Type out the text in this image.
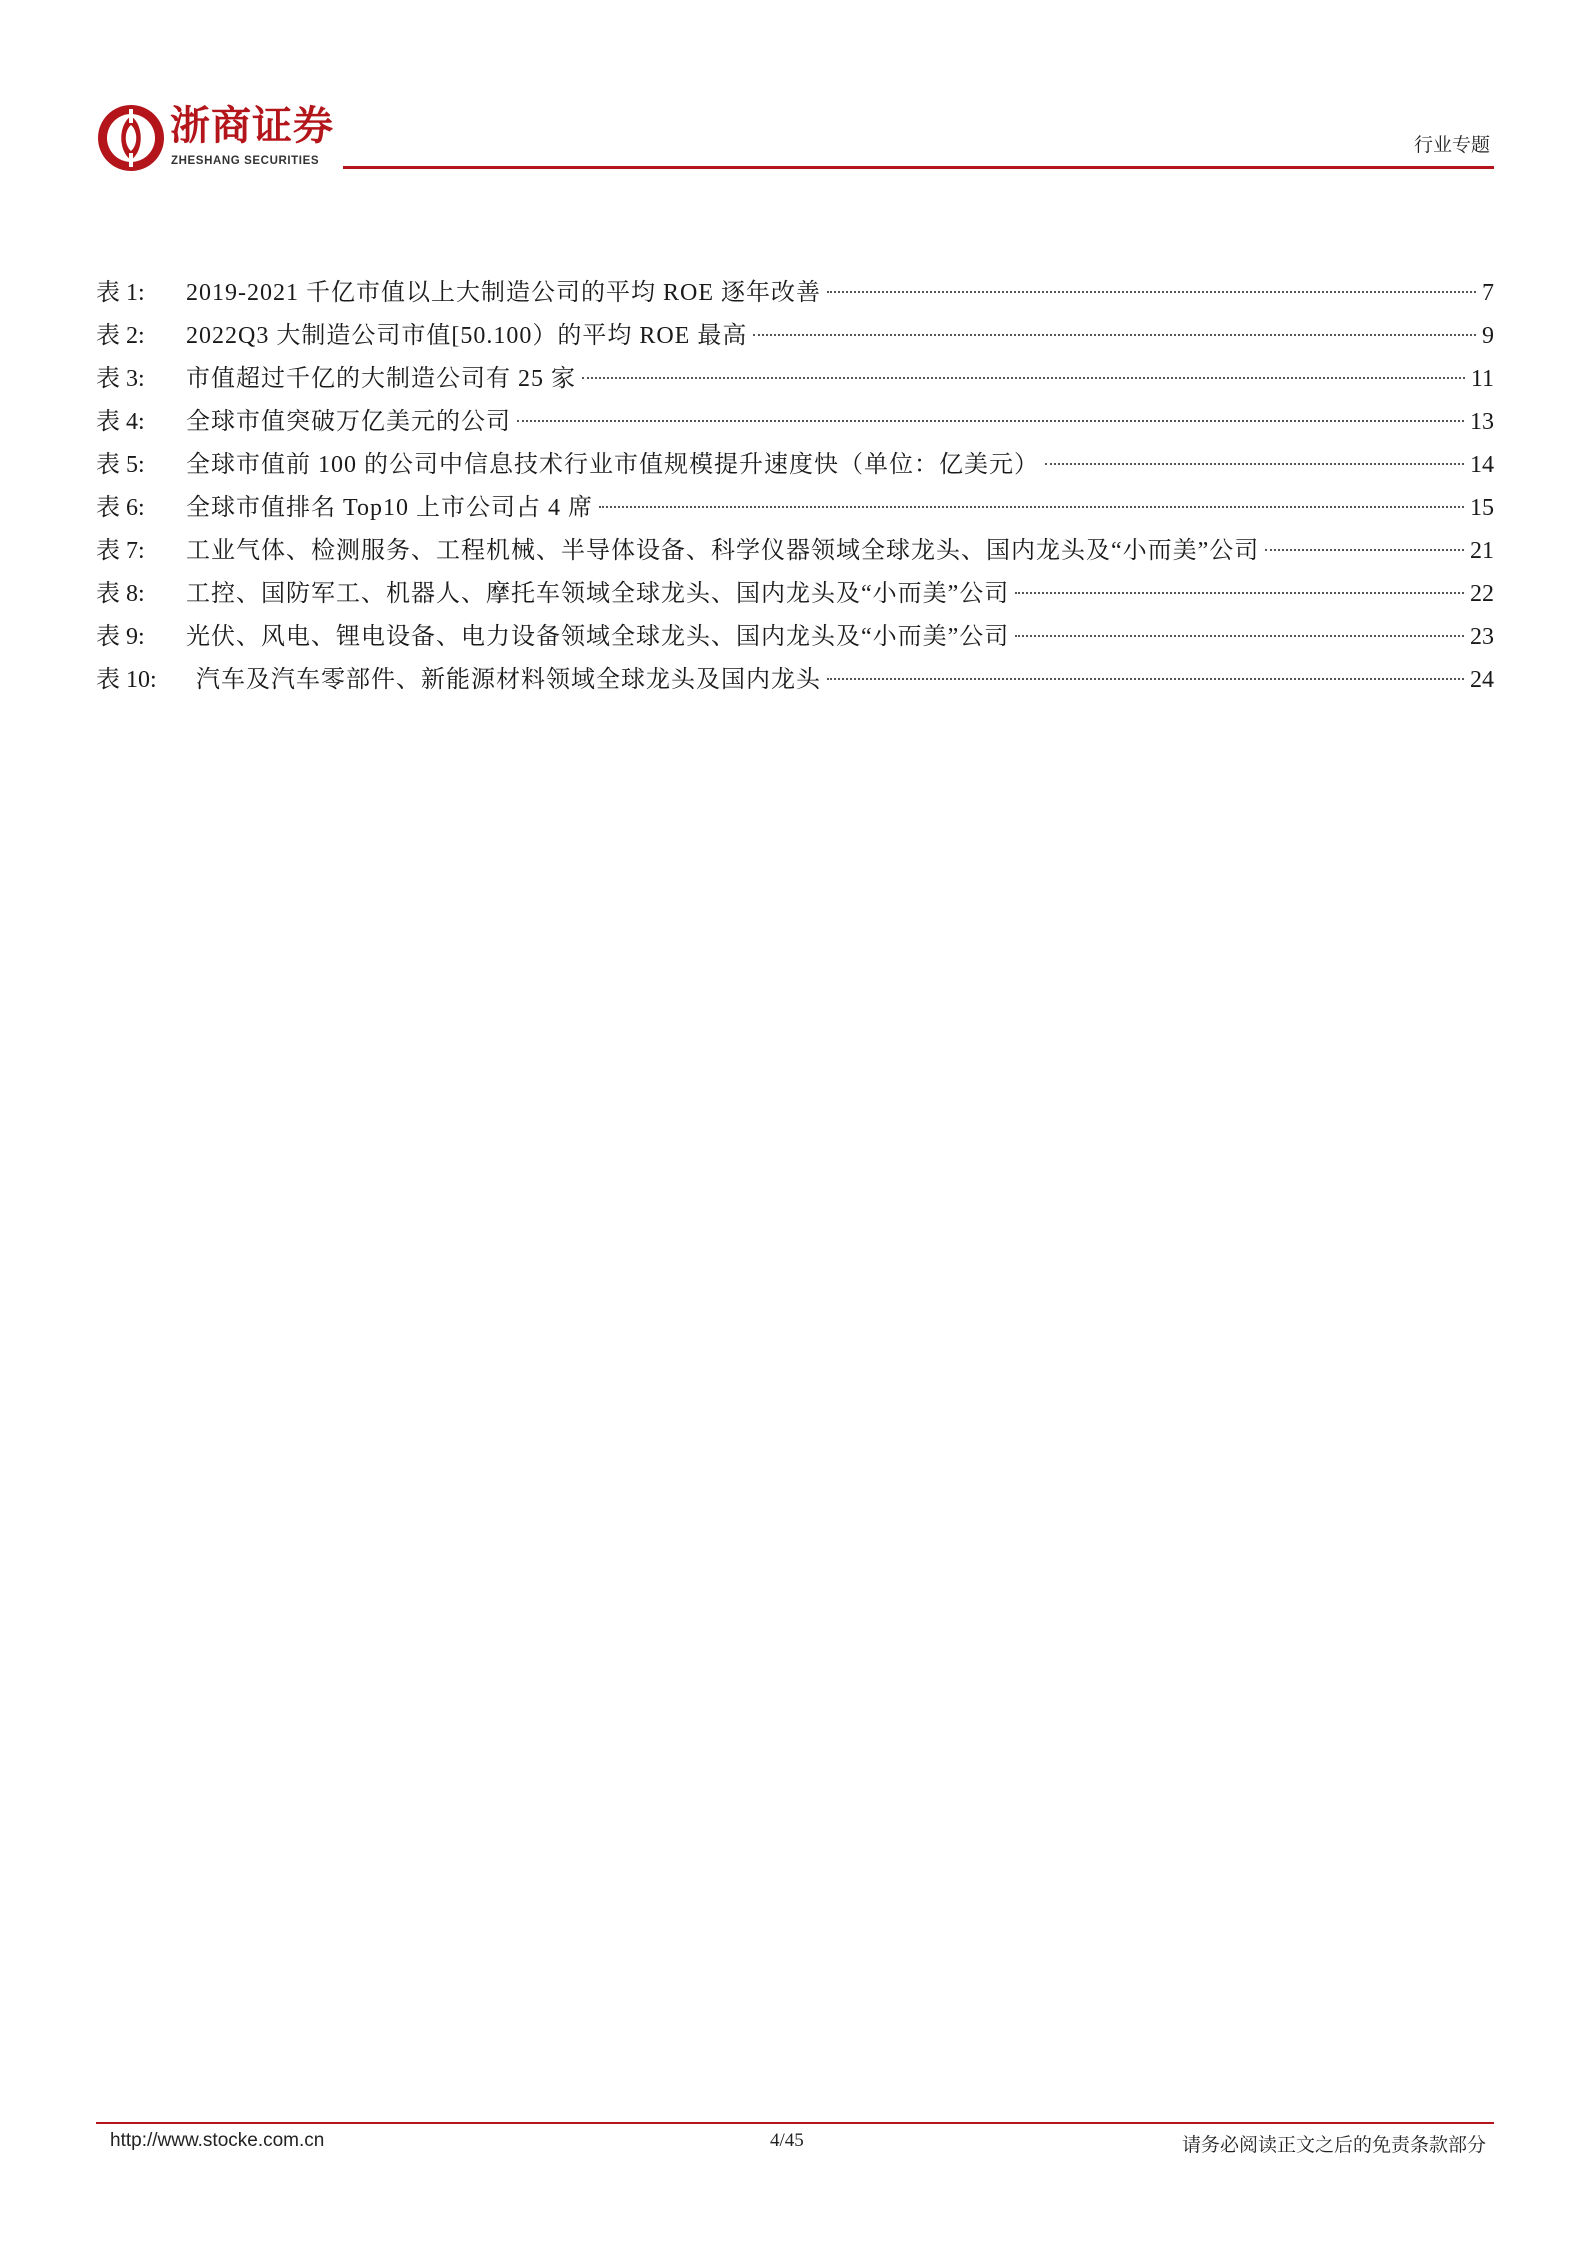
浙商证券
ZHESHANG SECURITIES
行业专题
表 1:	2019-2021 千亿市值以上大制造公司的平均 ROE 逐年改善	7
表 2:	2022Q3 大制造公司市值[50.100）的平均 ROE 最高	9
表 3:	市值超过千亿的大制造公司有 25 家	11
表 4:	全球市值突破万亿美元的公司	13
表 5:	全球市值前 100 的公司中信息技术行业市值规模提升速度快（单位：亿美元）	14
表 6:	全球市值排名 Top10 上市公司占 4 席	15
表 7:	工业气体、检测服务、工程机械、半导体设备、科学仪器领域全球龙头、国内龙头及“小而美”公司	21
表 8:	工控、国防军工、机器人、摩托车领域全球龙头、国内龙头及“小而美”公司	22
表 9:	光伏、风电、锂电设备、电力设备领域全球龙头、国内龙头及“小而美”公司	23
表 10:	汽车及汽车零部件、新能源材料领域全球龙头及国内龙头	24
http://www.stocke.com.cn	4/45	请务必阅读正文之后的免责条款部分
